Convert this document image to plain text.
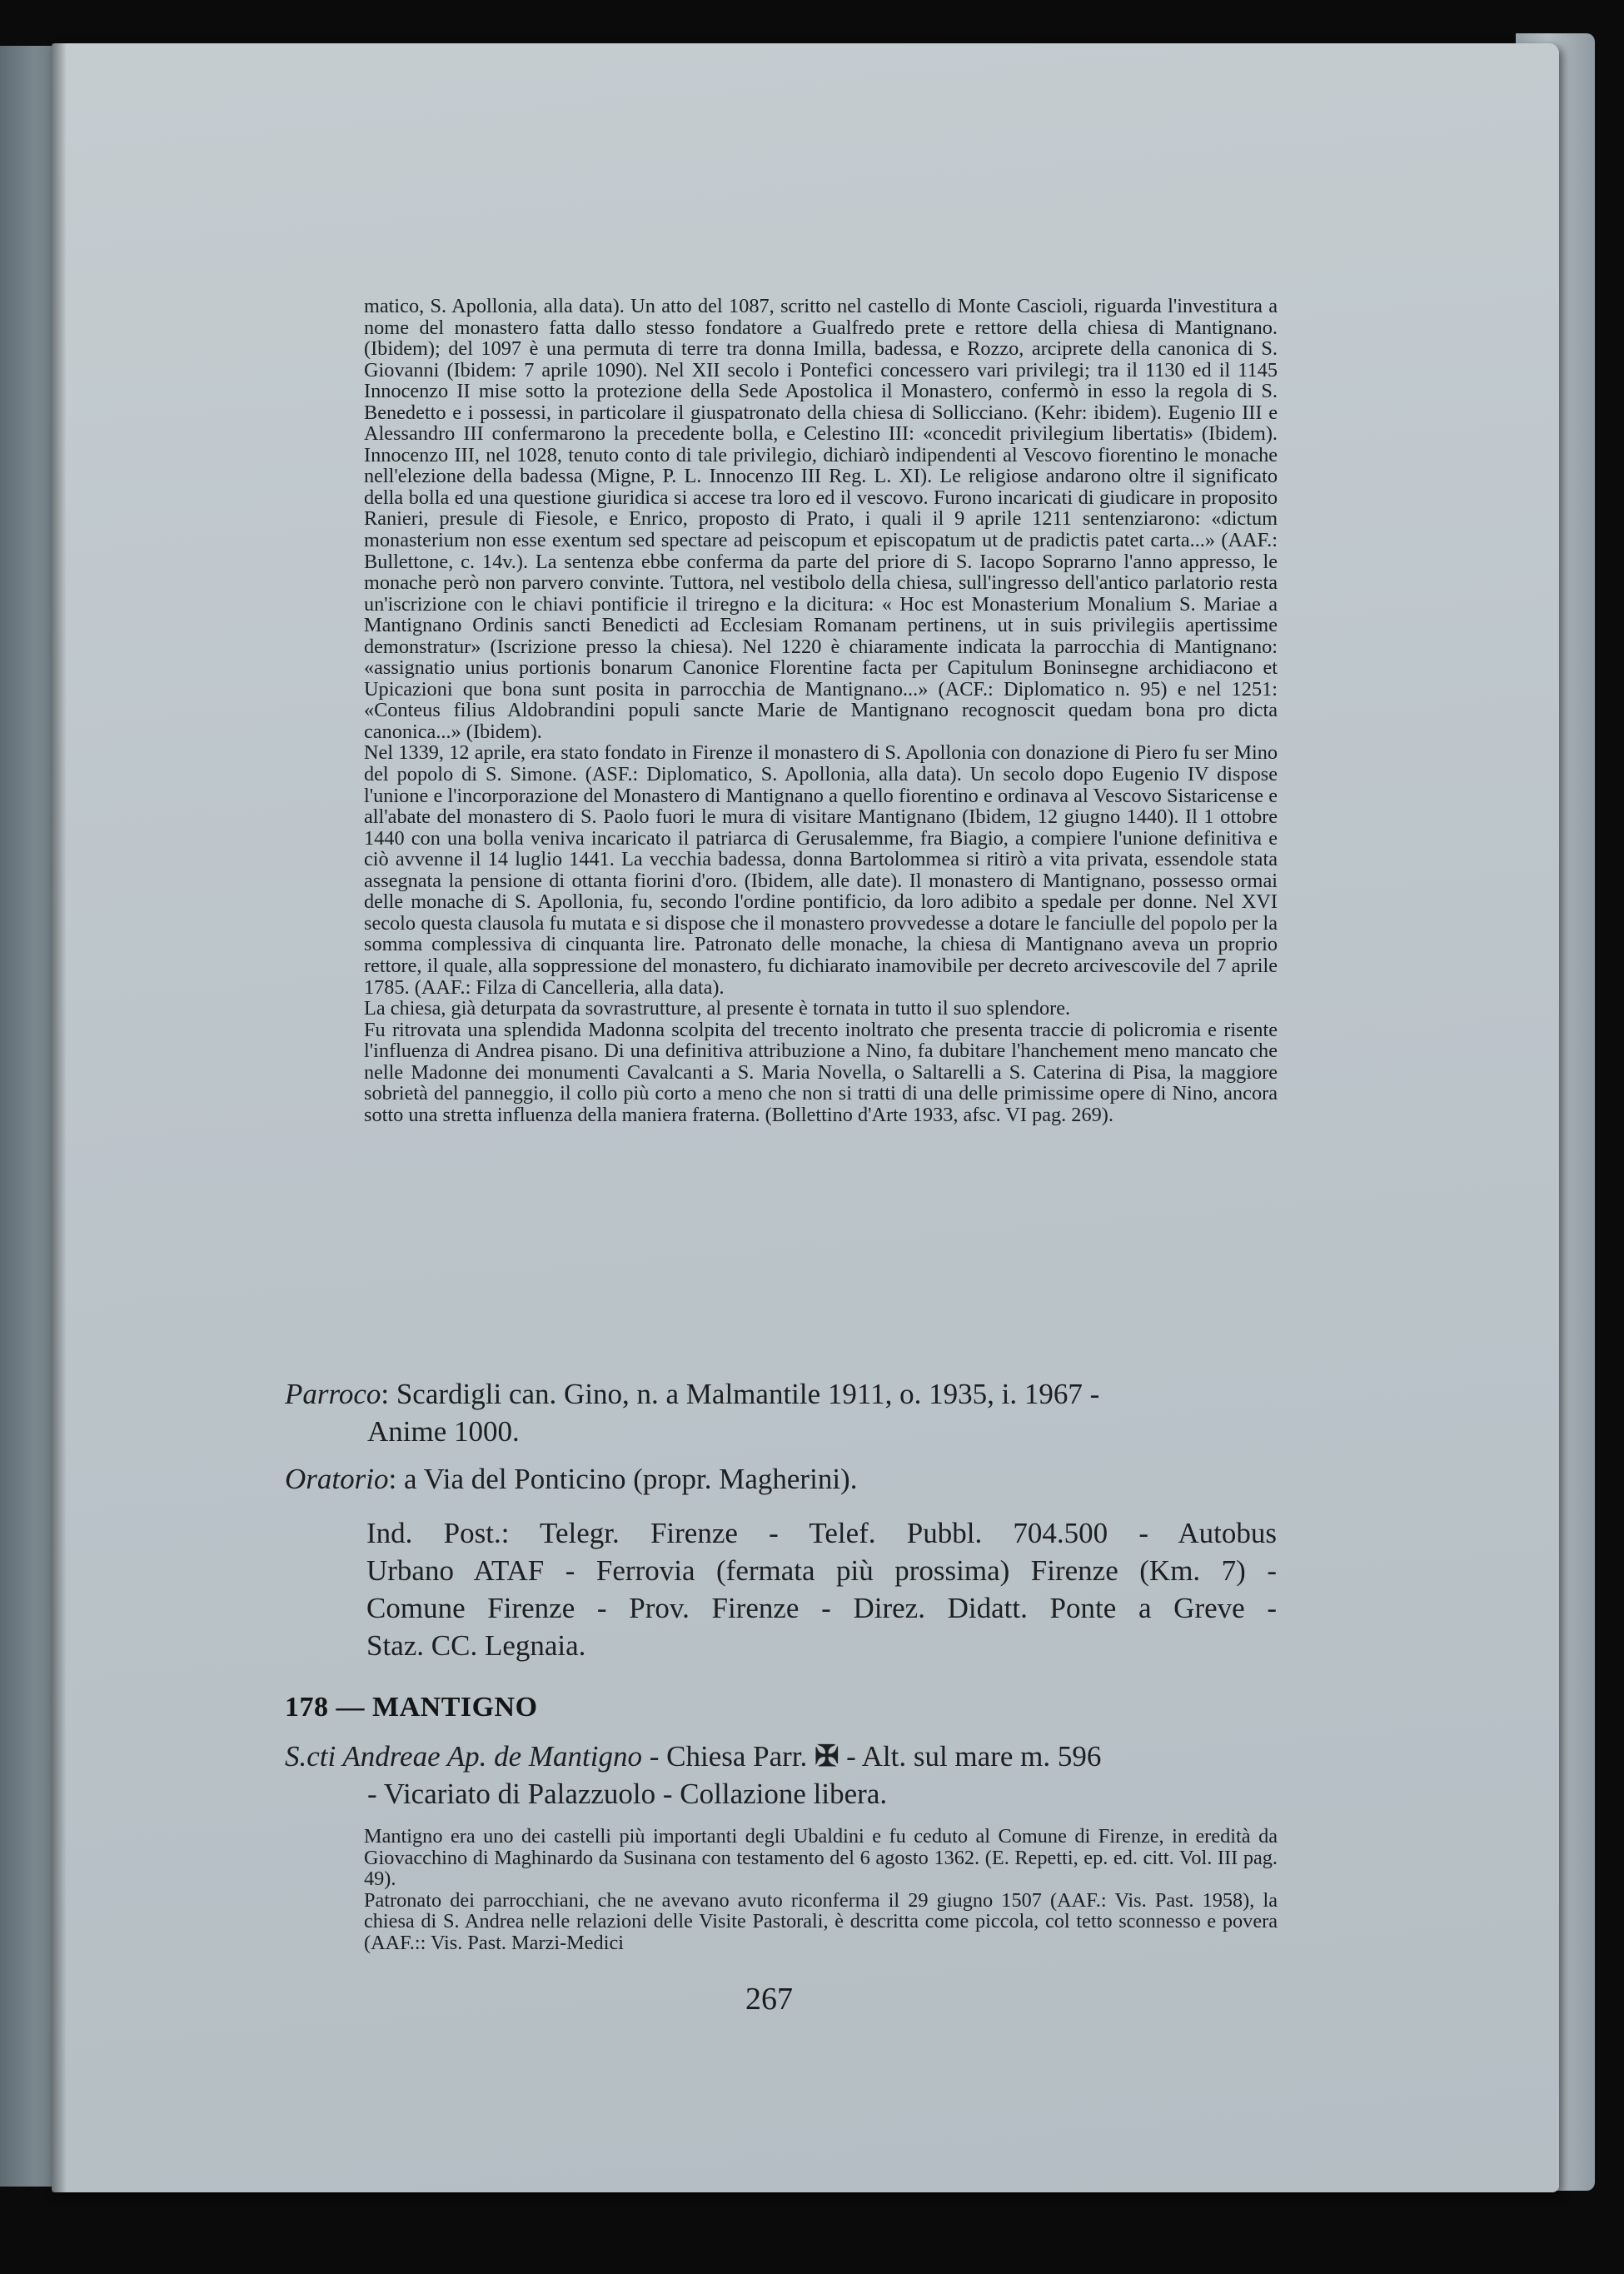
matico, S. Apollonia, alla data). Un atto del 1087, scritto nel castello di Monte Cascioli, riguarda l'investitura a nome del monastero fatta dallo stesso fondatore a Gualfredo prete e rettore della chiesa di Mantignano. (Ibidem); del 1097 è una permuta di terre tra donna Imilla, badessa, e Rozzo, arciprete della canonica di S. Giovanni (Ibidem: 7 aprile 1090). Nel XII secolo i Pontefici concessero vari privilegi; tra il 1130 ed il 1145 Innocenzo II mise sotto la protezione della Sede Apostolica il Monastero, confermò in esso la regola di S. Benedetto e i possessi, in particolare il giuspatronato della chiesa di Sollicciano. (Kehr: ibidem). Eugenio III e Alessandro III confermarono la precedente bolla, e Celestino III: «concedit privilegium libertatis» (Ibidem). Innocenzo III, nel 1028, tenuto conto di tale privilegio, dichiarò indipendenti al Vescovo fiorentino le monache nell'elezione della badessa (Migne, P. L. Innocenzo III Reg. L. XI). Le religiose andarono oltre il significato della bolla ed una questione giuridica si accese tra loro ed il vescovo. Furono incaricati di giudicare in proposito Ranieri, presule di Fiesole, e Enrico, proposto di Prato, i quali il 9 aprile 1211 sentenziarono: «dictum monasterium non esse exentum sed spectare ad peiscopum et episcopatum ut de pradictis patet carta...» (AAF.: Bullettone, c. 14v.). La sentenza ebbe conferma da parte del priore di S. Iacopo Soprarno l'anno appresso, le monache però non parvero convinte. Tuttora, nel vestibolo della chiesa, sull'ingresso dell'antico parlatorio resta un'iscrizione con le chiavi pontificie il triregno e la dicitura: « Hoc est Monasterium Monalium S. Mariae a Mantignano Ordinis sancti Benedicti ad Ecclesiam Romanam pertinens, ut in suis privilegiis apertissime demonstratur» (Iscrizione presso la chiesa). Nel 1220 è chiaramente indicata la parrocchia di Mantignano: «assignatio unius portionis bonarum Canonice Florentine facta per Capitulum Boninsegne archidiacono et Upicazioni que bona sunt posita in parrocchia de Mantignano...» (ACF.: Diplomatico n. 95) e nel 1251: «Conteus filius Aldobrandini populi sancte Marie de Mantignano recognoscit quedam bona pro dicta canonica...» (Ibidem).

Nel 1339, 12 aprile, era stato fondato in Firenze il monastero di S. Apollonia con donazione di Piero fu ser Mino del popolo di S. Simone. (ASF.: Diplomatico, S. Apollonia, alla data). Un secolo dopo Eugenio IV dispose l'unione e l'incorporazione del Monastero di Mantignano a quello fiorentino e ordinava al Vescovo Sistaricense e all'abate del monastero di S. Paolo fuori le mura di visitare Mantignano (Ibidem, 12 giugno 1440). Il 1 ottobre 1440 con una bolla veniva incaricato il patriarca di Gerusalemme, fra Biagio, a compiere l'unione definitiva e ciò avvenne il 14 luglio 1441. La vecchia badessa, donna Bartolommea si ritirò a vita privata, essendole stata assegnata la pensione di ottanta fiorini d'oro. (Ibidem, alle date). Il monastero di Mantignano, possesso ormai delle monache di S. Apollonia, fu, secondo l'ordine pontificio, da loro adibito a spedale per donne. Nel XVI secolo questa clausola fu mutata e si dispose che il monastero provvedesse a dotare le fanciulle del popolo per la somma complessiva di cinquanta lire. Patronato delle monache, la chiesa di Mantignano aveva un proprio rettore, il quale, alla soppressione del monastero, fu dichiarato inamovibile per decreto arcivescovile del 7 aprile 1785. (AAF.: Filza di Cancelleria, alla data).

La chiesa, già deturpata da sovrastrutture, al presente è tornata in tutto il suo splendore.

Fu ritrovata una splendida Madonna scolpita del trecento inoltrato che presenta traccie di policromia e risente l'influenza di Andrea pisano. Di una definitiva attribuzione a Nino, fa dubitare l'hanchement meno mancato che nelle Madonne dei monumenti Cavalcanti a S. Maria Novella, o Saltarelli a S. Caterina di Pisa, la maggiore sobrietà del panneggio, il collo più corto a meno che non si tratti di una delle primissime opere di Nino, ancora sotto una stretta influenza della maniera fraterna. (Bollettino d'Arte 1933, afsc. VI pag. 269).

Parroco: Scardigli can. Gino, n. a Malmantile 1911, o. 1935, i. 1967 -
Anime 1000.
Oratorio: a Via del Ponticino (propr. Magherini).
Ind. Post.: Telegr. Firenze - Telef. Pubbl. 704.500 - Autobus
Urbano ATAF - Ferrovia (fermata più prossima) Firenze (Km. 7) -
Comune Firenze - Prov. Firenze - Direz. Didatt. Ponte a Greve -
Staz. CC. Legnaia.
178 — MANTIGNO
S.cti Andreae Ap. de Mantigno - Chiesa Parr. ✠ - Alt. sul mare m. 596
- Vicariato di Palazzuolo - Collazione libera.

Mantigno era uno dei castelli più importanti degli Ubaldini e fu ceduto al Comune di Firenze, in eredità da Giovacchino di Maghinardo da Susinana con testamento del 6 agosto 1362. (E. Repetti, ep. ed. citt. Vol. III pag. 49).

Patronato dei parrocchiani, che ne avevano avuto riconferma il 29 giugno 1507 (AAF.: Vis. Past. 1958), la chiesa di S. Andrea nelle relazioni delle Visite Pastorali, è descritta come piccola, col tetto sconnesso e povera (AAF.:: Vis. Past. Marzi-Medici

267
